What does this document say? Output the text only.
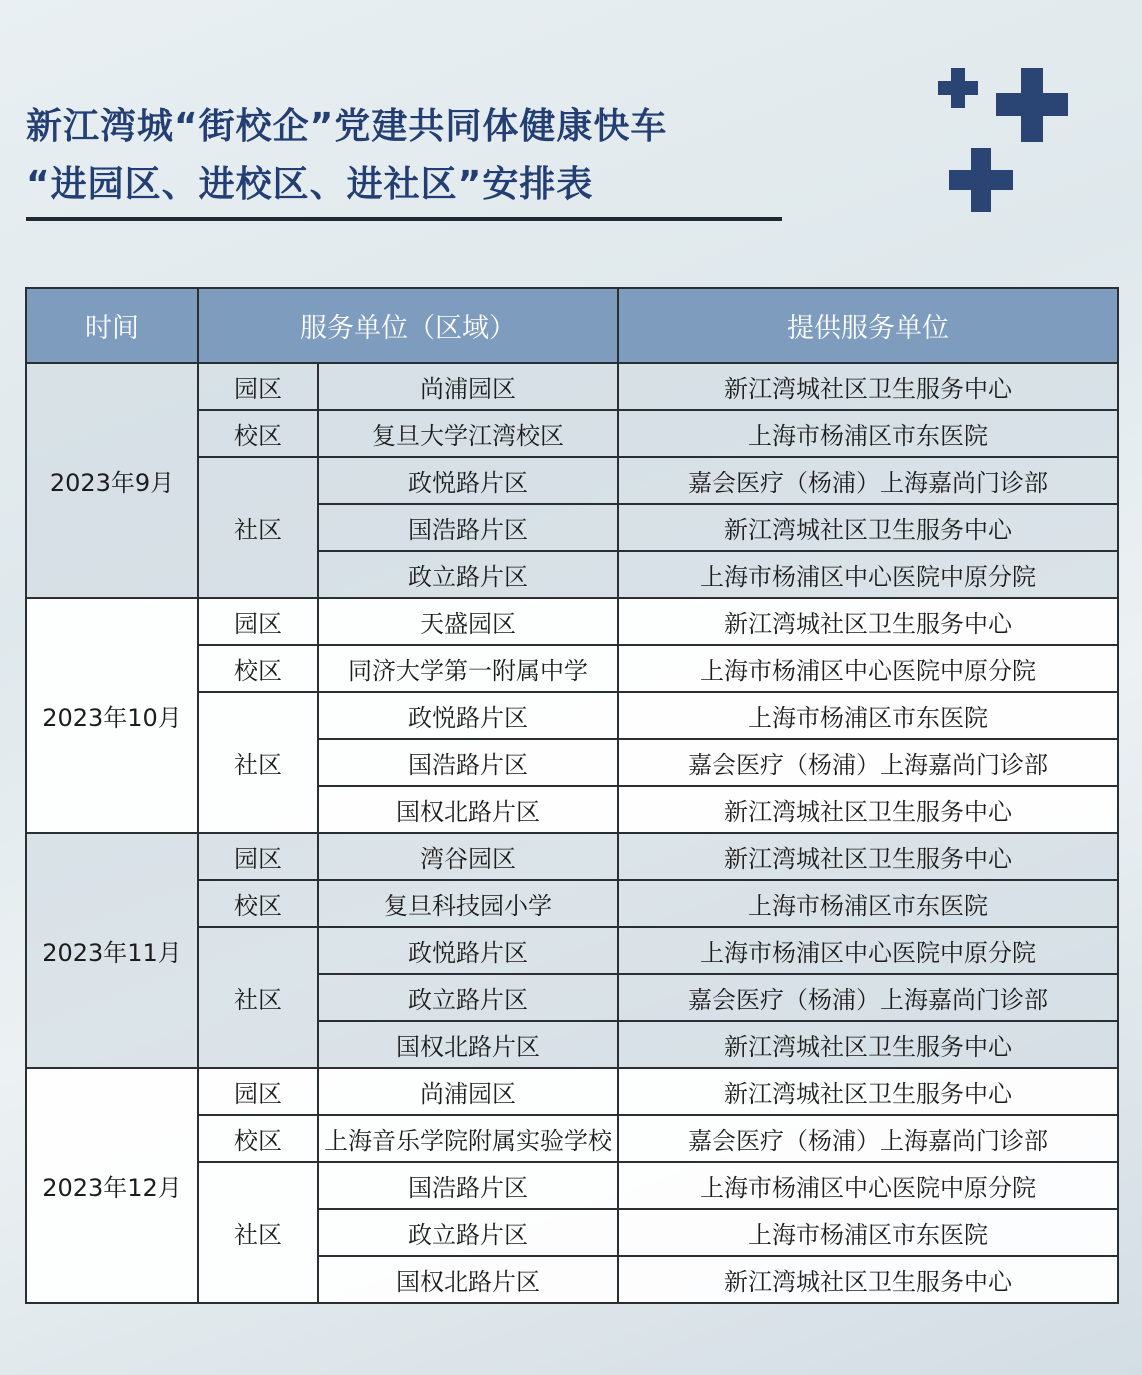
新江湾城“街校企”党建共同体健康快车
“进园区、进校区、进社区”安排表
时间	服务单位（区域）		提供服务单位
2023年9月	园区	尚浦园区	新江湾城社区卫生服务中心
	校区	复旦大学江湾校区	上海市杨浦区市东医院
	社区	政悦路片区	嘉会医疗（杨浦）上海嘉尚门诊部
		国浩路片区	新江湾城社区卫生服务中心
		政立路片区	上海市杨浦区中心医院中原分院
2023年10月	园区	天盛园区	新江湾城社区卫生服务中心
	校区	同济大学第一附属中学	上海市杨浦区中心医院中原分院
	社区	政悦路片区	上海市杨浦区市东医院
		国浩路片区	嘉会医疗（杨浦）上海嘉尚门诊部
		国权北路片区	新江湾城社区卫生服务中心
2023年11月	园区	湾谷园区	新江湾城社区卫生服务中心
	校区	复旦科技园小学	上海市杨浦区市东医院
	社区	政悦路片区	上海市杨浦区中心医院中原分院
		政立路片区	嘉会医疗（杨浦）上海嘉尚门诊部
		国权北路片区	新江湾城社区卫生服务中心
2023年12月	园区	尚浦园区	新江湾城社区卫生服务中心
	校区	上海音乐学院附属实验学校	嘉会医疗（杨浦）上海嘉尚门诊部
	社区	国浩路片区	上海市杨浦区中心医院中原分院
		政立路片区	上海市杨浦区市东医院
		国权北路片区	新江湾城社区卫生服务中心
